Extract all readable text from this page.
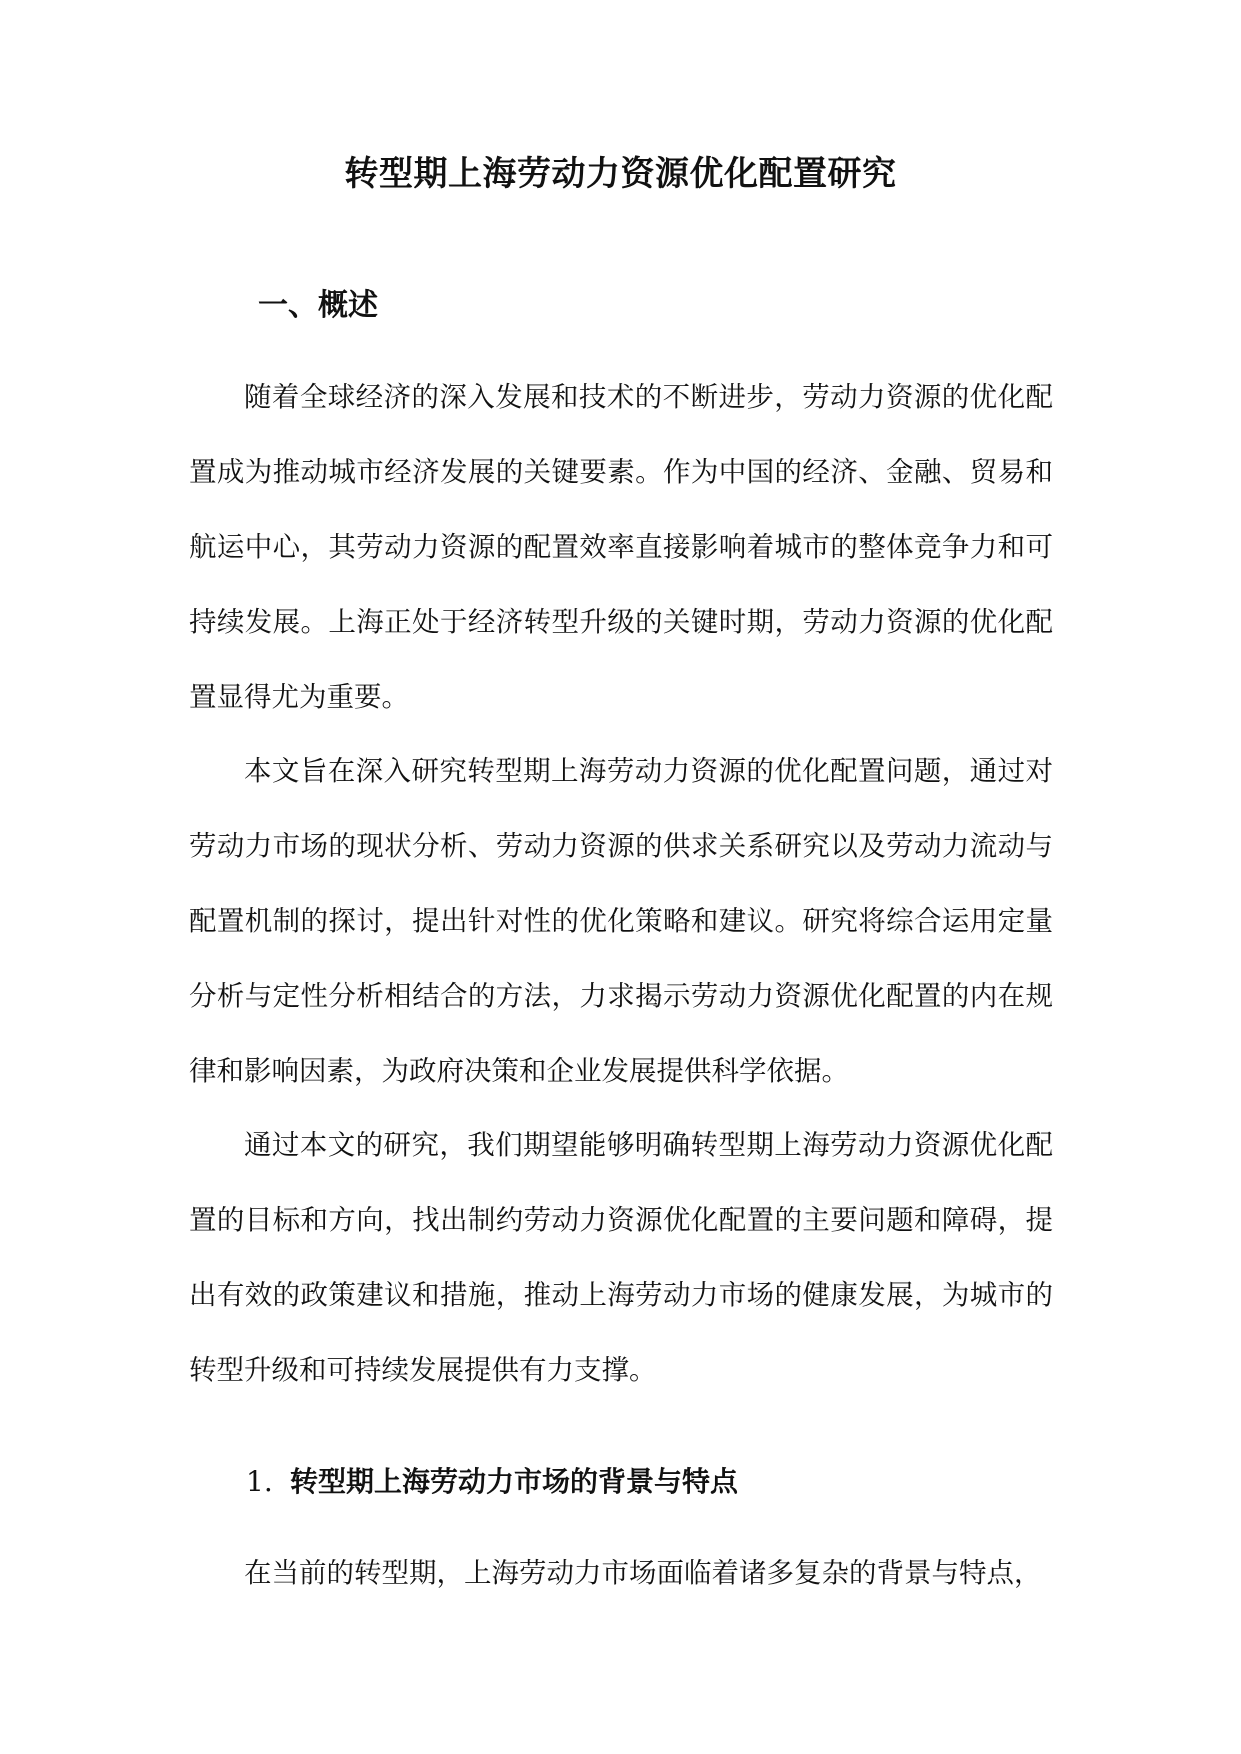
转型期上海劳动力资源优化配置研究
一、概述
随着全球经济的深入发展和技术的不断进步，劳动力资源的优化配置成为推动城市经济发展的关键要素。作为中国的经济、金融、贸易和航运中心，其劳动力资源的配置效率直接影响着城市的整体竞争力和可持续发展。上海正处于经济转型升级的关键时期，劳动力资源的优化配置显得尤为重要。
本文旨在深入研究转型期上海劳动力资源的优化配置问题，通过对劳动力市场的现状分析、劳动力资源的供求关系研究以及劳动力流动与配置机制的探讨，提出针对性的优化策略和建议。研究将综合运用定量分析与定性分析相结合的方法，力求揭示劳动力资源优化配置的内在规律和影响因素，为政府决策和企业发展提供科学依据。
通过本文的研究，我们期望能够明确转型期上海劳动力资源优化配置的目标和方向，找出制约劳动力资源优化配置的主要问题和障碍，提出有效的政策建议和措施，推动上海劳动力市场的健康发展，为城市的转型升级和可持续发展提供有力支撑。
1. 转型期上海劳动力市场的背景与特点
在当前的转型期，上海劳动力市场面临着诸多复杂的背景与特点，
